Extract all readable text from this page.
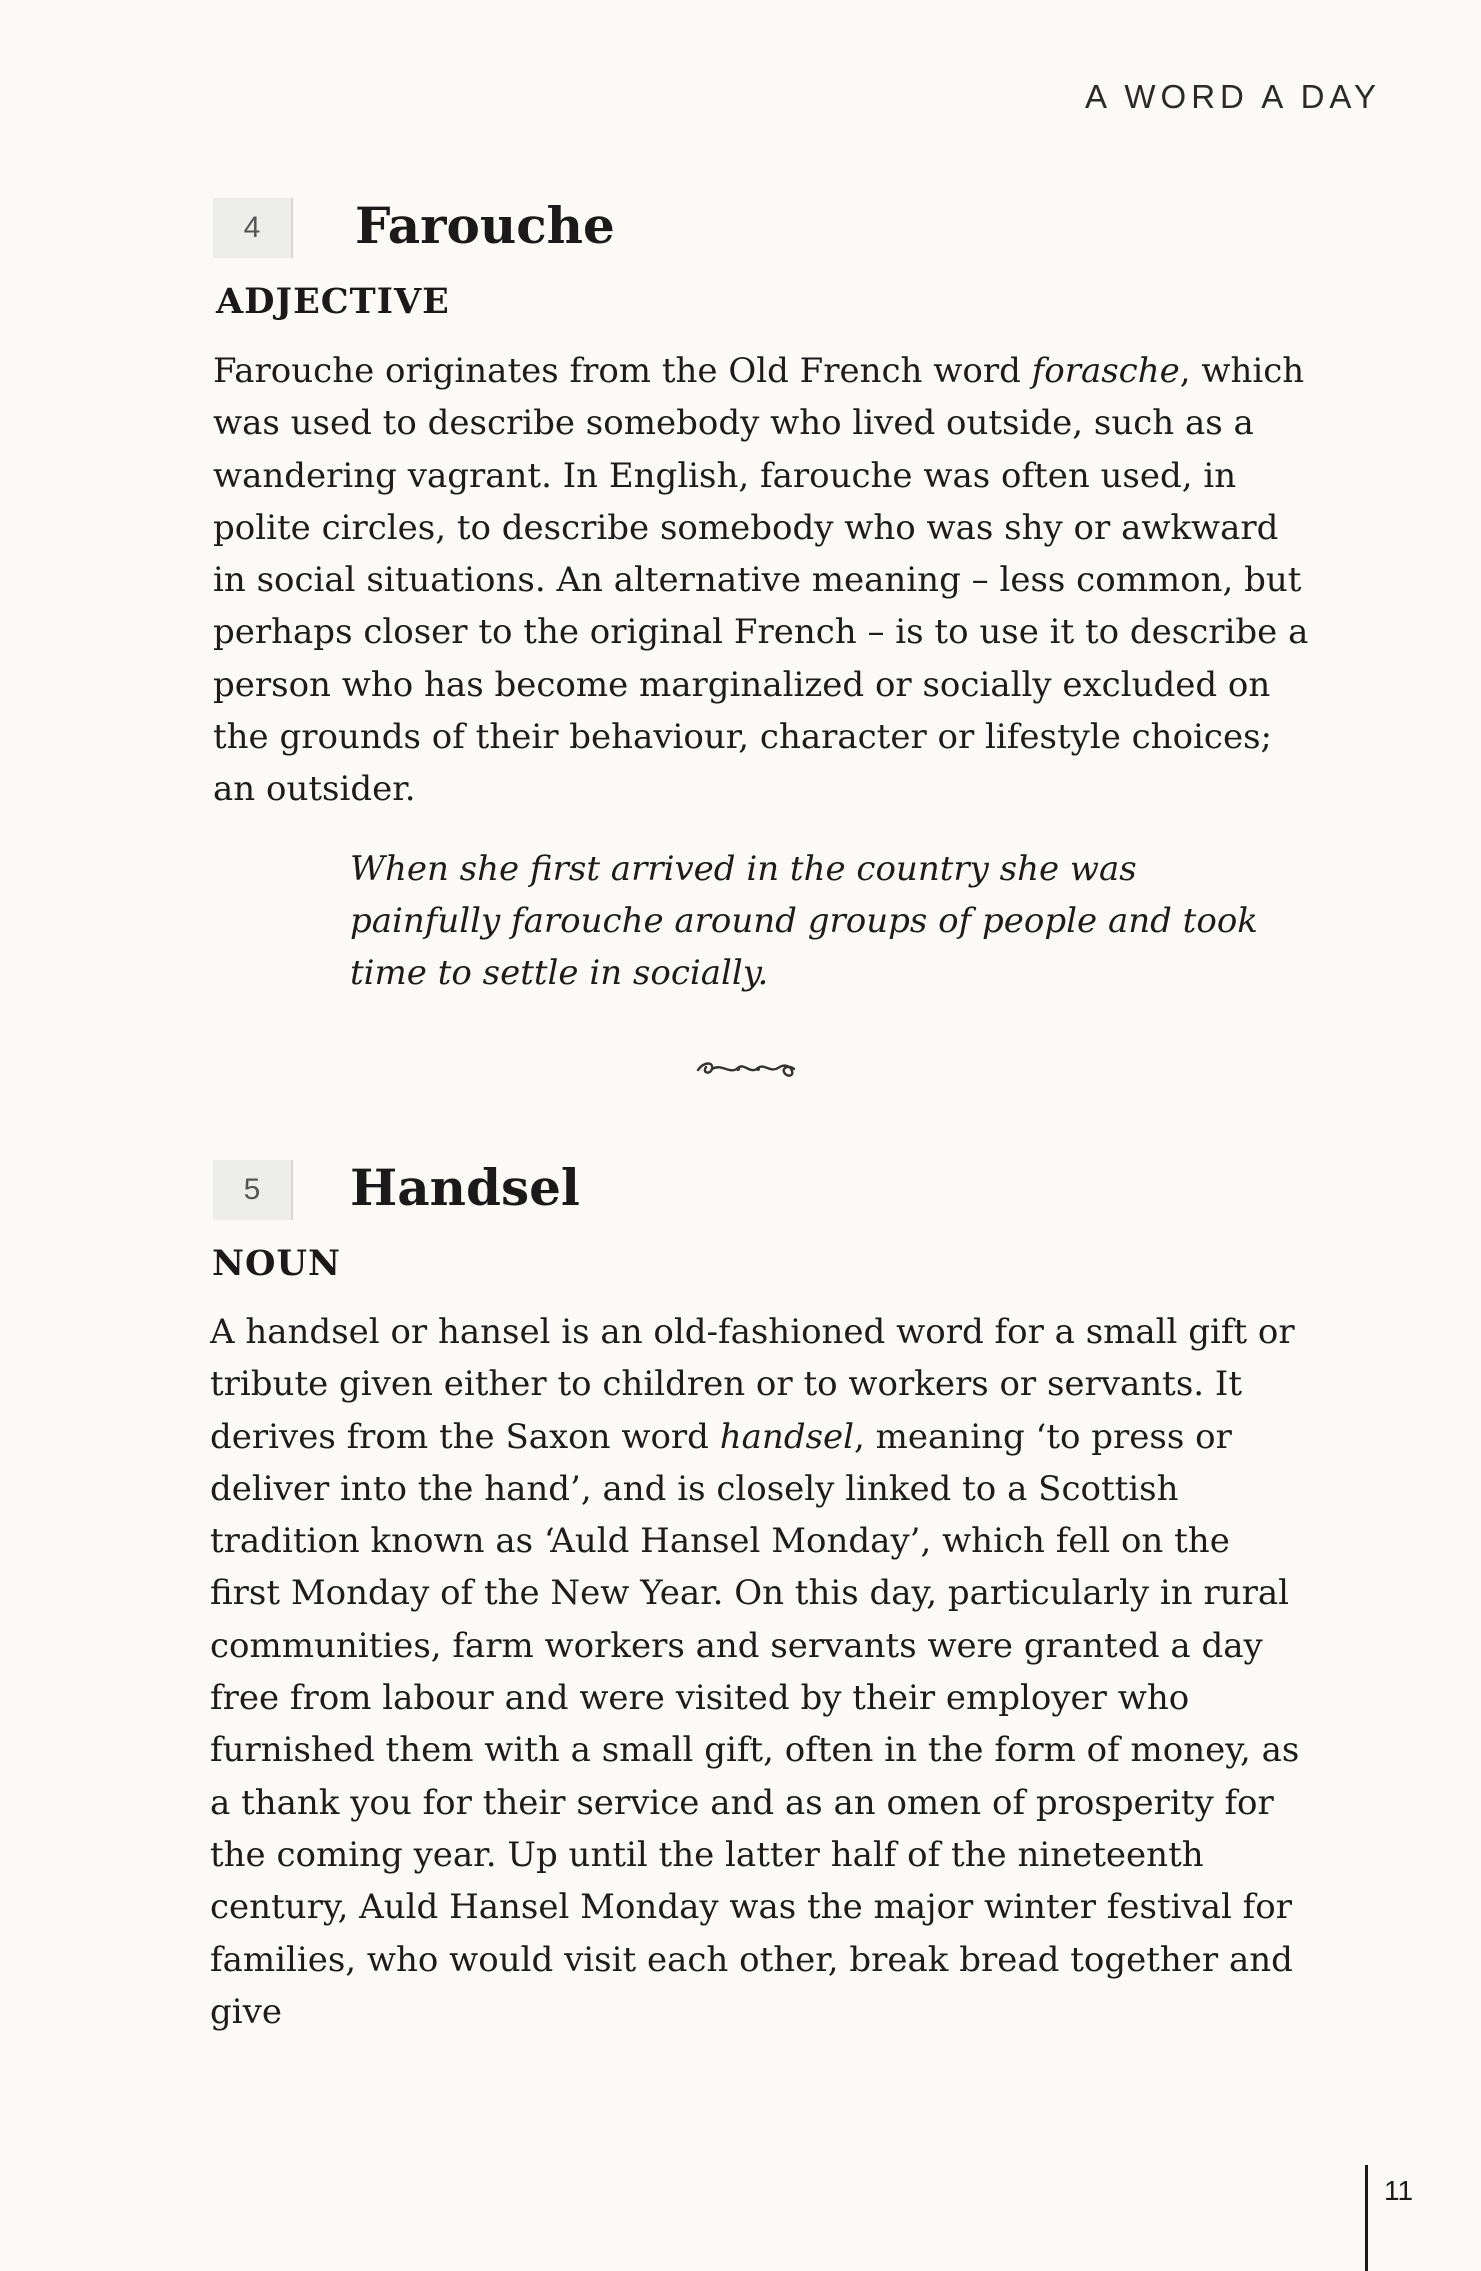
A WORD A DAY
4	Farouche
ADJECTIVE

Farouche originates from the Old French word forasche, which was used to describe somebody who lived outside, such as a wandering vagrant. In English, farouche was often used, in polite circles, to describe somebody who was shy or awkward in social situations. An alternative meaning – less common, but perhaps closer to the original French – is to use it to describe a person who has become marginalized or socially excluded on the grounds of their behaviour, character or lifestyle choices; an outsider.

When she first arrived in the country she was painfully farouche around groups of people and took time to settle in socially.
5	Handsel
NOUN

A handsel or hansel is an old-fashioned word for a small gift or tribute given either to children or to workers or servants. It derives from the Saxon word handsel, meaning ‘to press or deliver into the hand’, and is closely linked to a Scottish tradition known as ‘Auld Hansel Monday’, which fell on the first Monday of the New Year. On this day, particularly in rural communities, farm workers and servants were granted a day free from labour and were visited by their employer who furnished them with a small gift, often in the form of money, as a thank you for their service and as an omen of prosperity for the coming year. Up until the latter half of the nineteenth century, Auld Hansel Monday was the major winter festival for families, who would visit each other, break bread together and give

11
